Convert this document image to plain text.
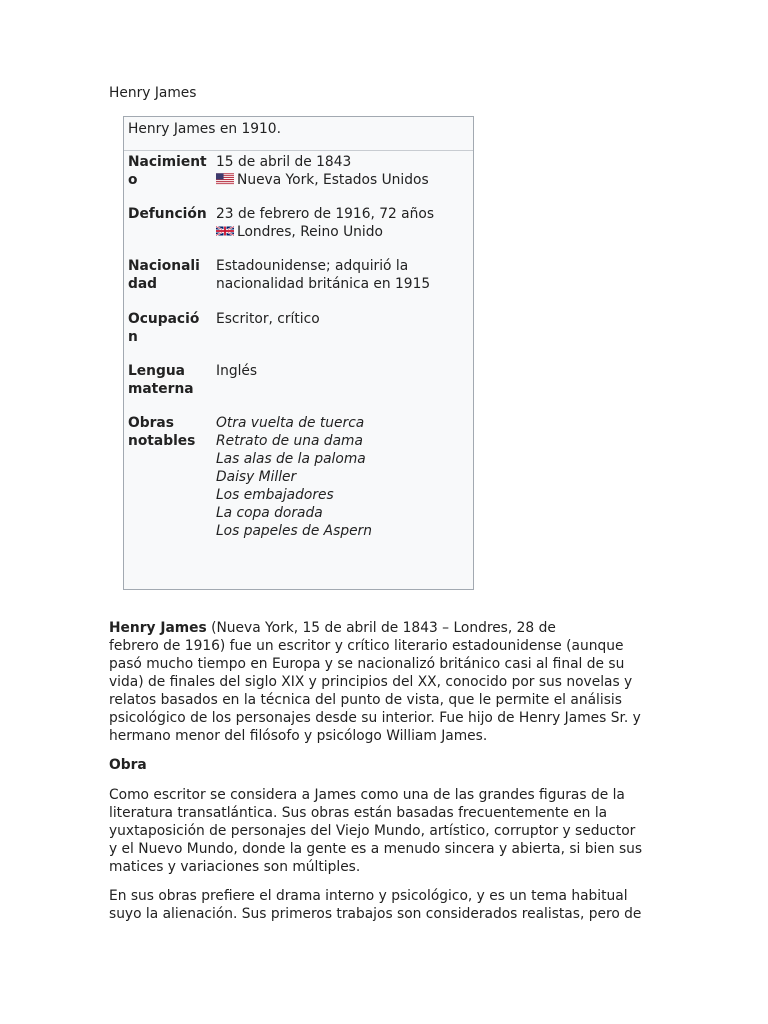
Henry James
Henry James en 1910.
Nacimiento
15 de abril de 1843
Nueva York, Estados Unidos
Defunción 23 de febrero de 1916, 72 años
Londres, Reino Unido
Nacionalidad
Estadounidense; adquirió la
nacionalidad británica en 1915
Ocupación
Escritor, crítico
Lengua materna
Inglés
Obras notables
Otra vuelta de tuerca
Retrato de una dama
Las alas de la paloma
Daisy Miller
Los embajadores
La copa dorada
Los papeles de Aspern
Henry James (Nueva York, 15 de abril de 1843 – Londres, 28 de
febrero de 1916) fue un escritor y crítico literario estadounidense (aunque
pasó mucho tiempo en Europa y se nacionalizó británico casi al final de su
vida) de finales del siglo XIX y principios del XX, conocido por sus novelas y
relatos basados en la técnica del punto de vista, que le permite el análisis
psicológico de los personajes desde su interior. Fue hijo de Henry James Sr. y
hermano menor del filósofo y psicólogo William James.
Obra
Como escritor se considera a James como una de las grandes figuras de la
literatura transatlántica. Sus obras están basadas frecuentemente en la
yuxtaposición de personajes del Viejo Mundo, artístico, corruptor y seductor
y el Nuevo Mundo, donde la gente es a menudo sincera y abierta, si bien sus
matices y variaciones son múltiples.
En sus obras prefiere el drama interno y psicológico, y es un tema habitual
suyo la alienación. Sus primeros trabajos son considerados realistas, pero de
